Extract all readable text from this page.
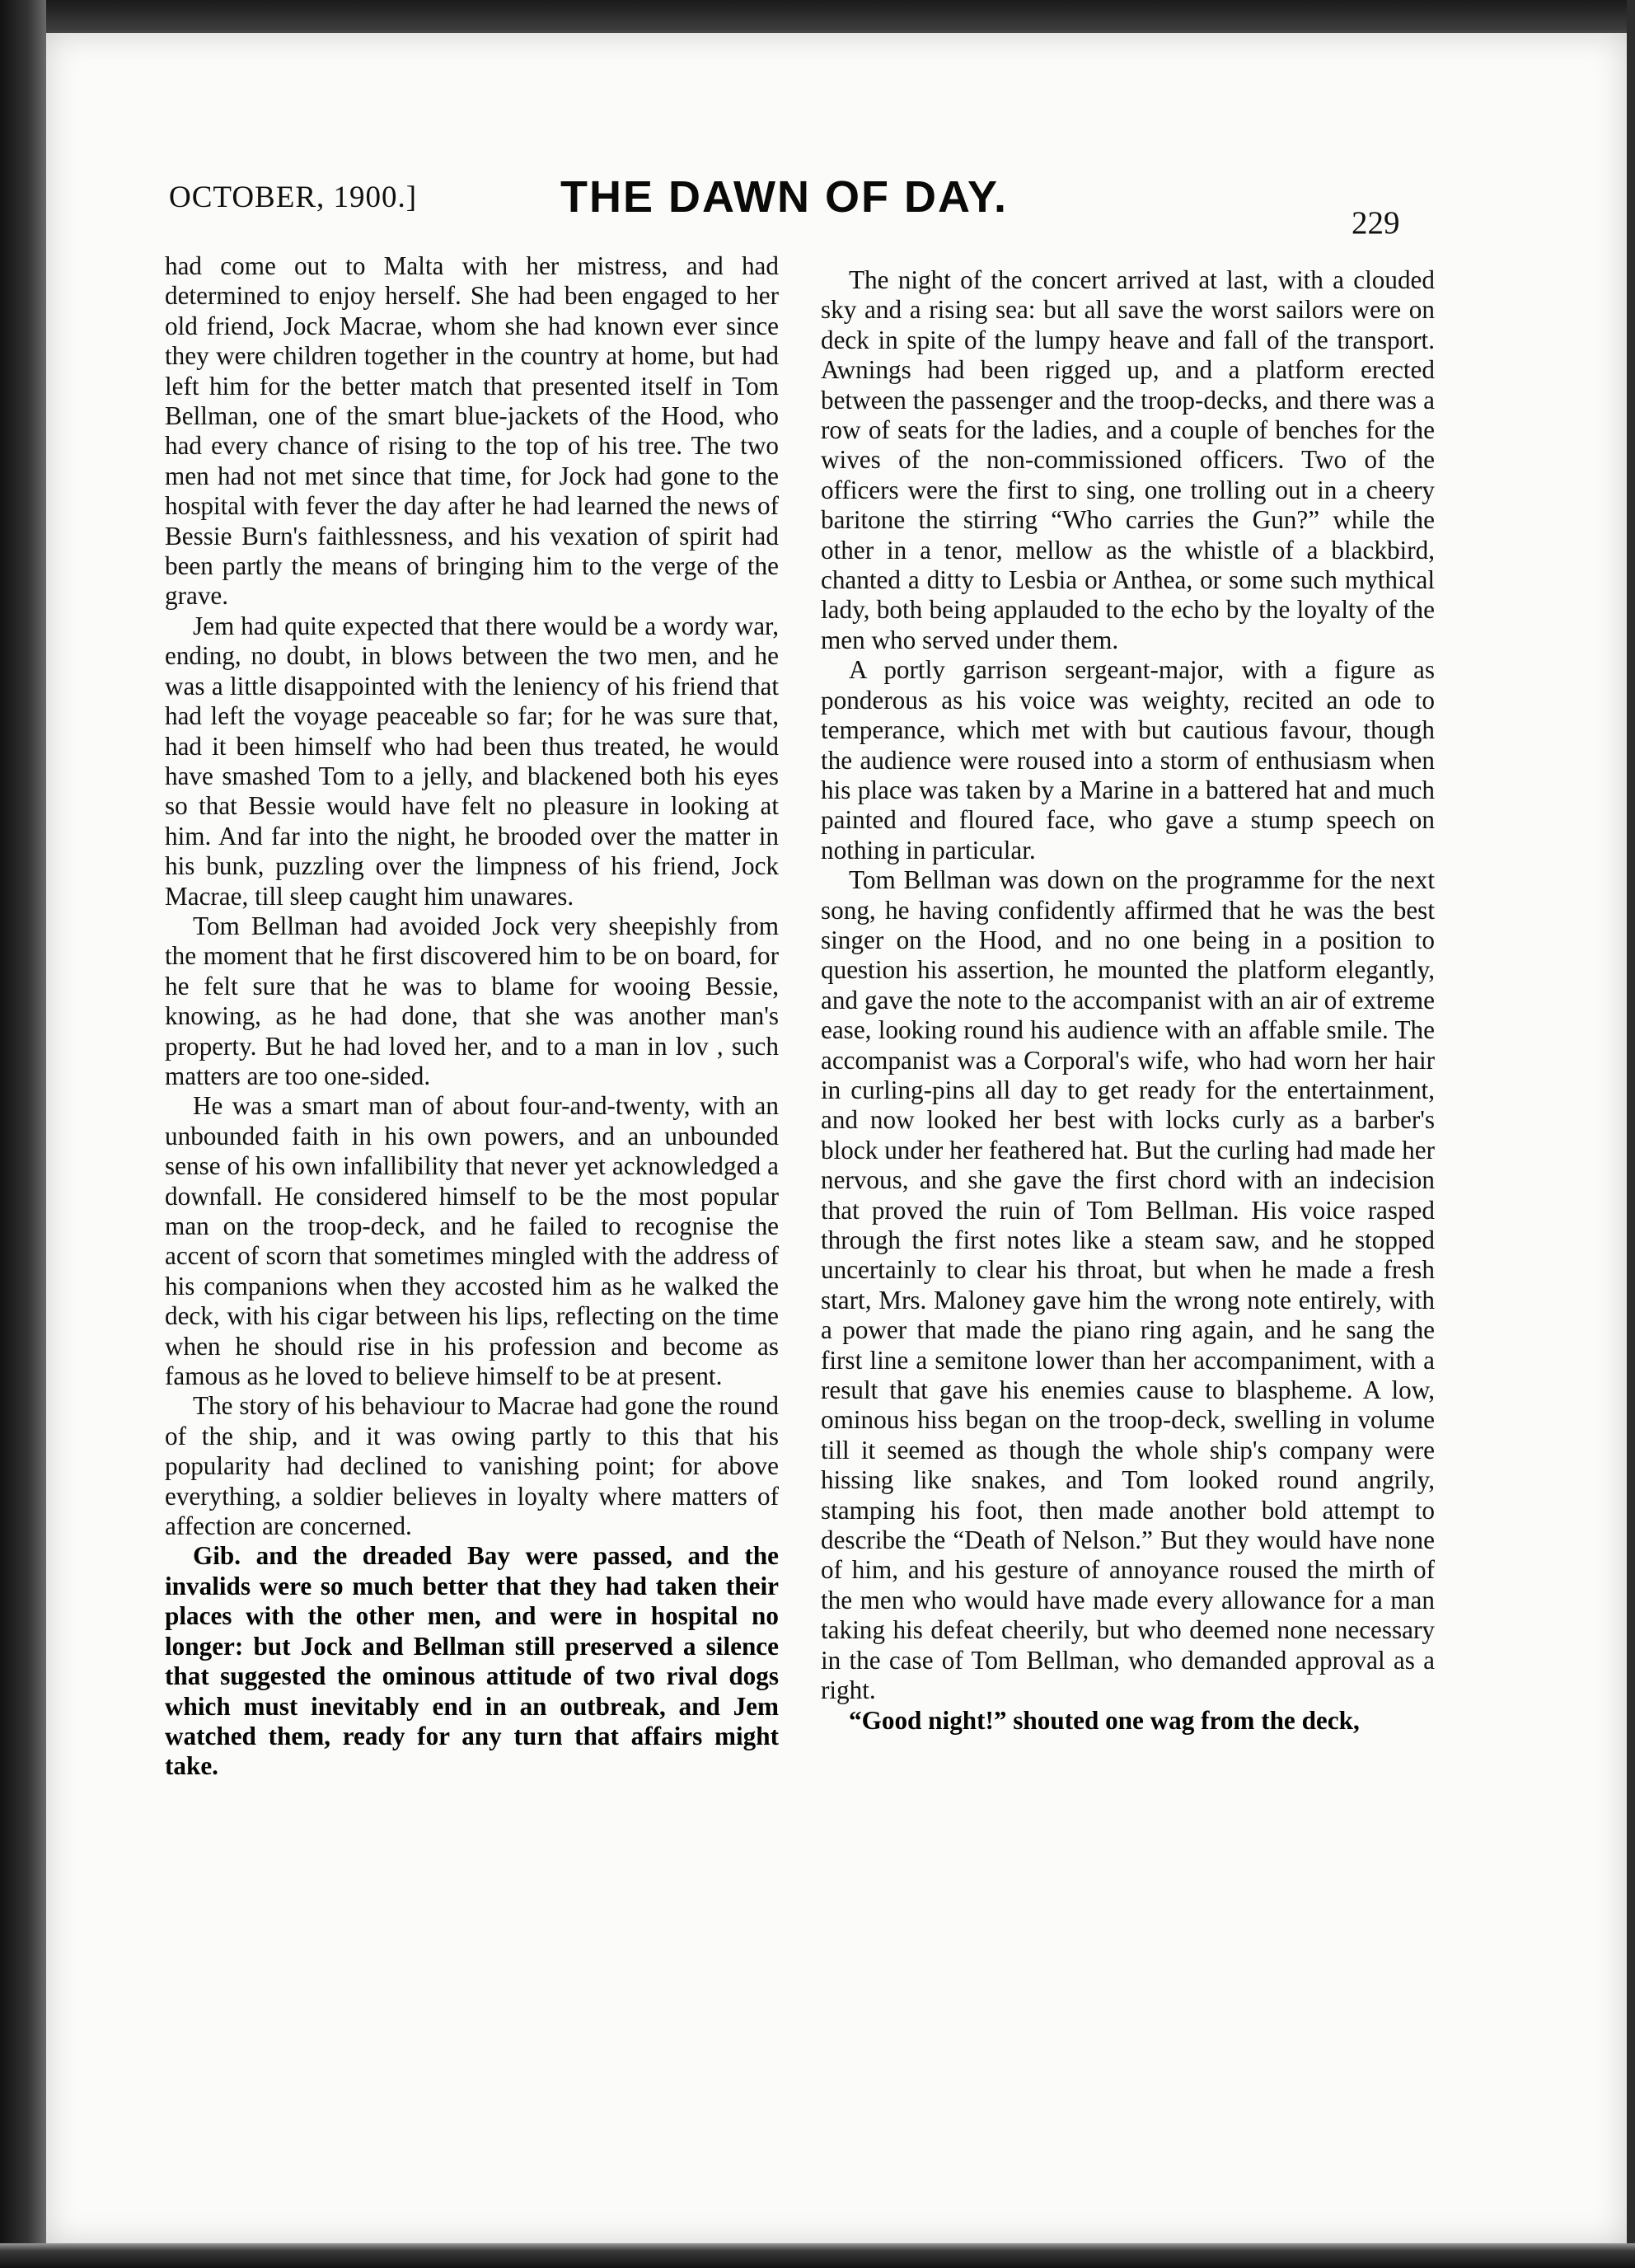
OCTOBER, 1900.]	THE DAWN OF DAY.
229

had come out to Malta with her mistress, and had determined to enjoy herself. She had been engaged to her old friend, Jock Macrae, whom she had known ever since they were children together in the country at home, but had left him for the better match that presented itself in Tom Bellman, one of the smart blue-jackets of the Hood, who had every chance of rising to the top of his tree. The two men had not met since that time, for Jock had gone to the hospital with fever the day after he had learned the news of Bessie Burn's faithlessness, and his vexation of spirit had been partly the means of bringing him to the verge of the grave.

Jem had quite expected that there would be a wordy war, ending, no doubt, in blows between the two men, and he was a little disappointed with the leniency of his friend that had left the voyage peaceable so far; for he was sure that, had it been himself who had been thus treated, he would have smashed Tom to a jelly, and blackened both his eyes so that Bessie would have felt no pleasure in looking at him. And far into the night, he brooded over the matter in his bunk, puzzling over the limpness of his friend, Jock Macrae, till sleep caught him unawares.

Tom Bellman had avoided Jock very sheepishly from the moment that he first discovered him to be on board, for he felt sure that he was to blame for wooing Bessie, knowing, as he had done, that she was another man's property. But he had loved her, and to a man in lov , such matters are too one-sided.

He was a smart man of about four-and-twenty, with an unbounded faith in his own powers, and an unbounded sense of his own infallibility that never yet acknowledged a downfall. He considered himself to be the most popular man on the troop-deck, and he failed to recognise the accent of scorn that sometimes mingled with the address of his companions when they accosted him as he walked the deck, with his cigar between his lips, reflecting on the time when he should rise in his profession and become as famous as he loved to believe himself to be at present.

The story of his behaviour to Macrae had gone the round of the ship, and it was owing partly to this that his popularity had declined to vanishing point; for above everything, a soldier believes in loyalty where matters of affection are concerned.

Gib. and the dreaded Bay were passed, and the invalids were so much better that they had taken their places with the other men, and were in hospital no longer: but Jock and Bellman still preserved a silence that suggested the ominous attitude of two rival dogs which must inevitably end in an outbreak, and Jem watched them, ready for any turn that affairs might take.

The night of the concert arrived at last, with a clouded sky and a rising sea: but all save the worst sailors were on deck in spite of the lumpy heave and fall of the transport. Awnings had been rigged up, and a platform erected between the passenger and the troop-decks, and there was a row of seats for the ladies, and a couple of benches for the wives of the non-commissioned officers. Two of the officers were the first to sing, one trolling out in a cheery baritone the stirring “Who carries the Gun?” while the other in a tenor, mellow as the whistle of a blackbird, chanted a ditty to Lesbia or Anthea, or some such mythical lady, both being applauded to the echo by the loyalty of the men who served under them.

A portly garrison sergeant-major, with a figure as ponderous as his voice was weighty, recited an ode to temperance, which met with but cautious favour, though the audience were roused into a storm of enthusiasm when his place was taken by a Marine in a battered hat and much painted and floured face, who gave a stump speech on nothing in particular.

Tom Bellman was down on the programme for the next song, he having confidently affirmed that he was the best singer on the Hood, and no one being in a position to question his assertion, he mounted the platform elegantly, and gave the note to the accompanist with an air of extreme ease, looking round his audience with an affable smile. The accompanist was a Corporal's wife, who had worn her hair in curling-pins all day to get ready for the entertainment, and now looked her best with locks curly as a barber's block under her feathered hat. But the curling had made her nervous, and she gave the first chord with an indecision that proved the ruin of Tom Bellman. His voice rasped through the first notes like a steam saw, and he stopped uncertainly to clear his throat, but when he made a fresh start, Mrs. Maloney gave him the wrong note entirely, with a power that made the piano ring again, and he sang the first line a semitone lower than her accompaniment, with a result that gave his enemies cause to blaspheme. A low, ominous hiss began on the troop-deck, swelling in volume till it seemed as though the whole ship's company were hissing like snakes, and Tom looked round angrily, stamping his foot, then made another bold attempt to describe the “Death of Nelson.” But they would have none of him, and his gesture of annoyance roused the mirth of the men who would have made every allowance for a man taking his defeat cheerily, but who deemed none necessary in the case of Tom Bellman, who demanded approval as a right.

“Good night!” shouted one wag from the deck,
